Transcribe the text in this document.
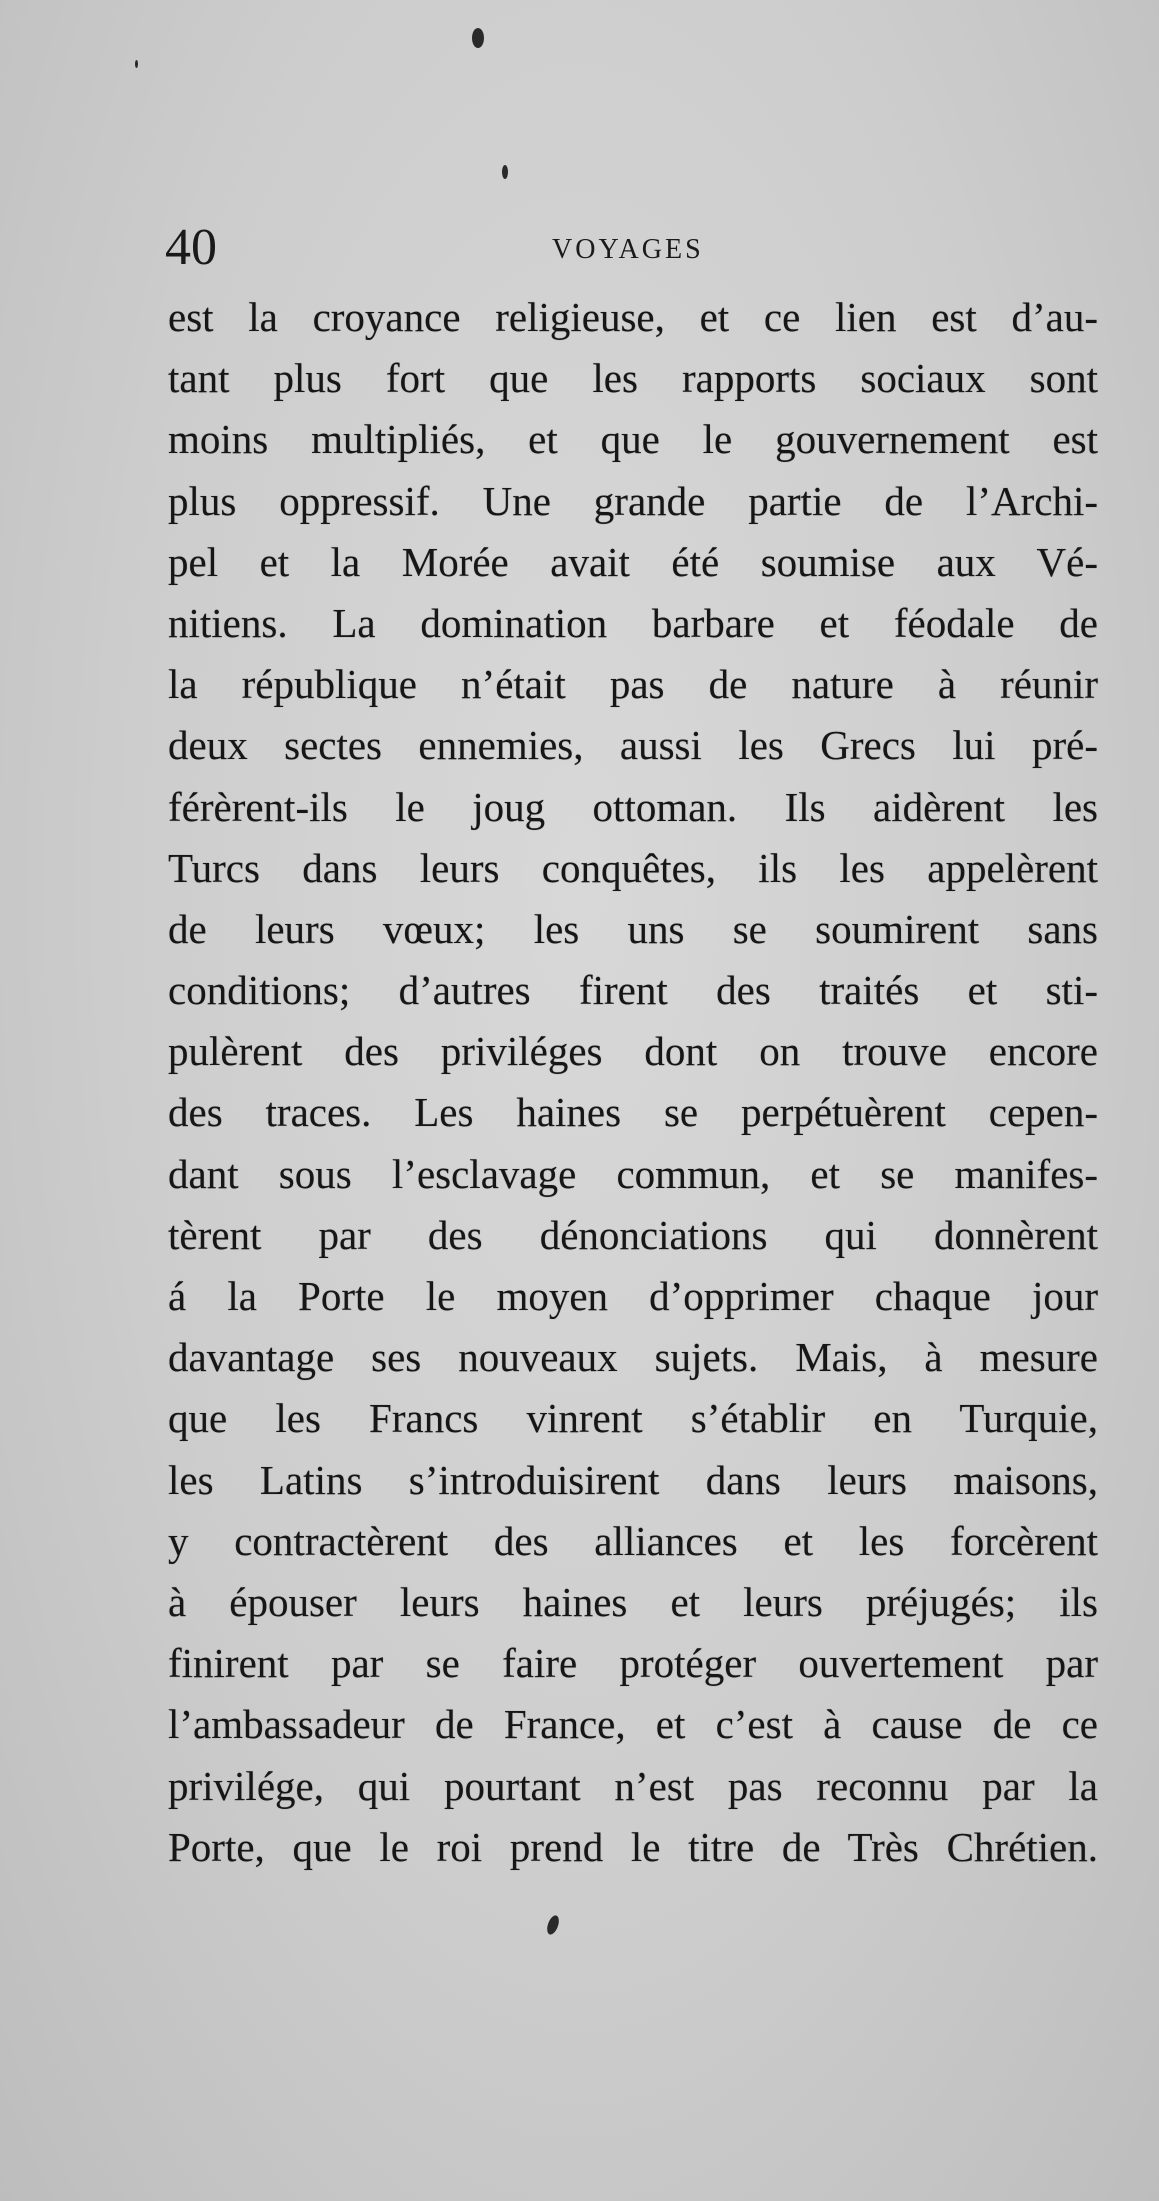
40	VOYAGES
est la croyance religieuse, et ce lien est d’au-
tant plus fort que les rapports sociaux sont
moins multipliés, et que le gouvernement est
plus oppressif. Une grande partie de l’Archi-
pel et la Morée avait été soumise aux Vé-
nitiens. La domination barbare et féodale de
la république n’était pas de nature à réunir
deux sectes ennemies, aussi les Grecs lui pré-
férèrent-ils le joug ottoman. Ils aidèrent les
Turcs dans leurs conquêtes, ils les appelèrent
de leurs vœux; les uns se soumirent sans
conditions; d’autres firent des traités et sti-
pulèrent des priviléges dont on trouve encore
des traces. Les haines se perpétuèrent cepen-
dant sous l’esclavage commun, et se manifes-
tèrent par des dénonciations qui donnèrent
á la Porte le moyen d’opprimer chaque jour
davantage ses nouveaux sujets. Mais, à mesure
que les Francs vinrent s’établir en Turquie,
les Latins s’introduisirent dans leurs maisons,
y contractèrent des alliances et les forcèrent
à épouser leurs haines et leurs préjugés; ils
finirent par se faire protéger ouvertement par
l’ambassadeur de France, et c’est à cause de ce
privilége, qui pourtant n’est pas reconnu par la
Porte, que le roi prend le titre de Très Chrétien.
